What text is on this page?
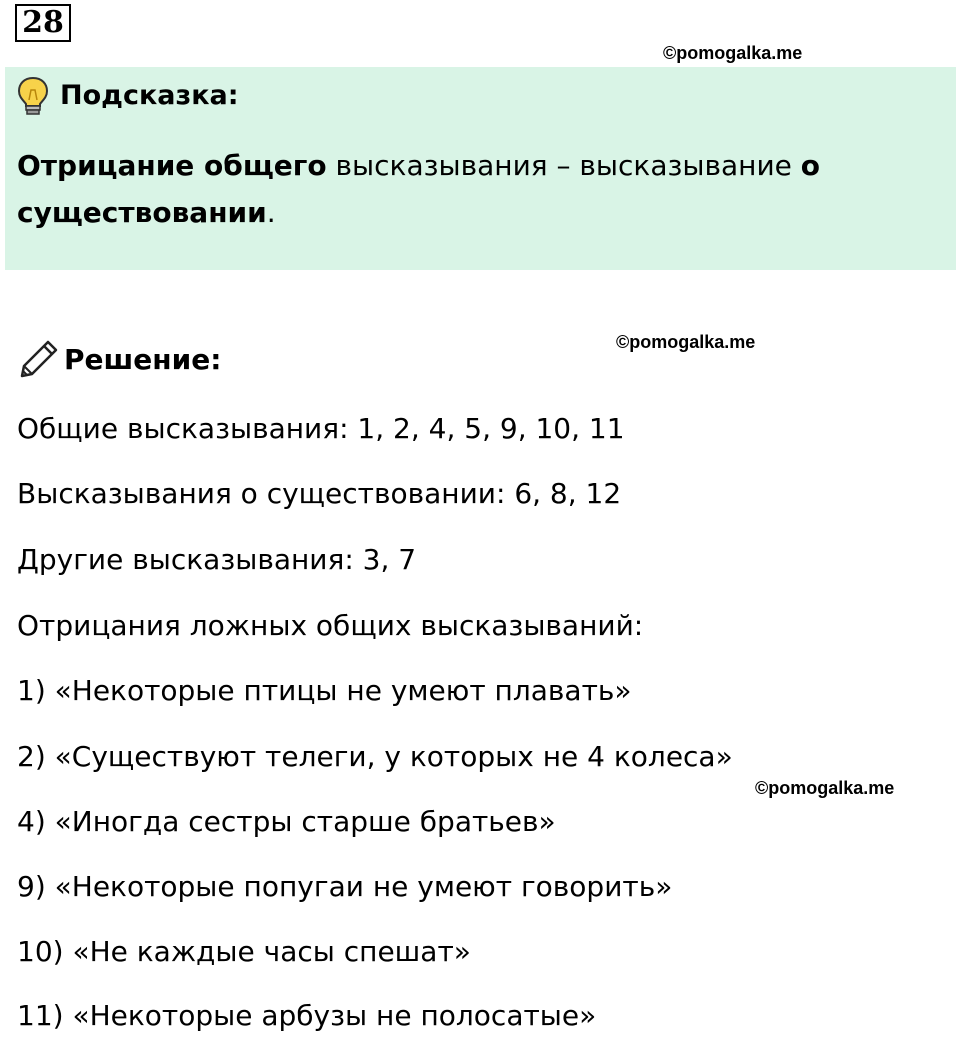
28
©pomogalka.me
Подсказка:
Отрицание общего высказывания – высказывание о существовании.
©pomogalka.me
Решение:
Общие высказывания: 1, 2, 4, 5, 9, 10, 11
Высказывания о существовании: 6, 8, 12
Другие высказывания: 3, 7
Отрицания ложных общих высказываний:
1) «Некоторые птицы не умеют плавать»
2) «Существуют телеги, у которых не 4 колеса»
©pomogalka.me
4) «Иногда сестры старше братьев»
9) «Некоторые попугаи не умеют говорить»
10) «Не каждые часы спешат»
11) «Некоторые арбузы не полосатые»
